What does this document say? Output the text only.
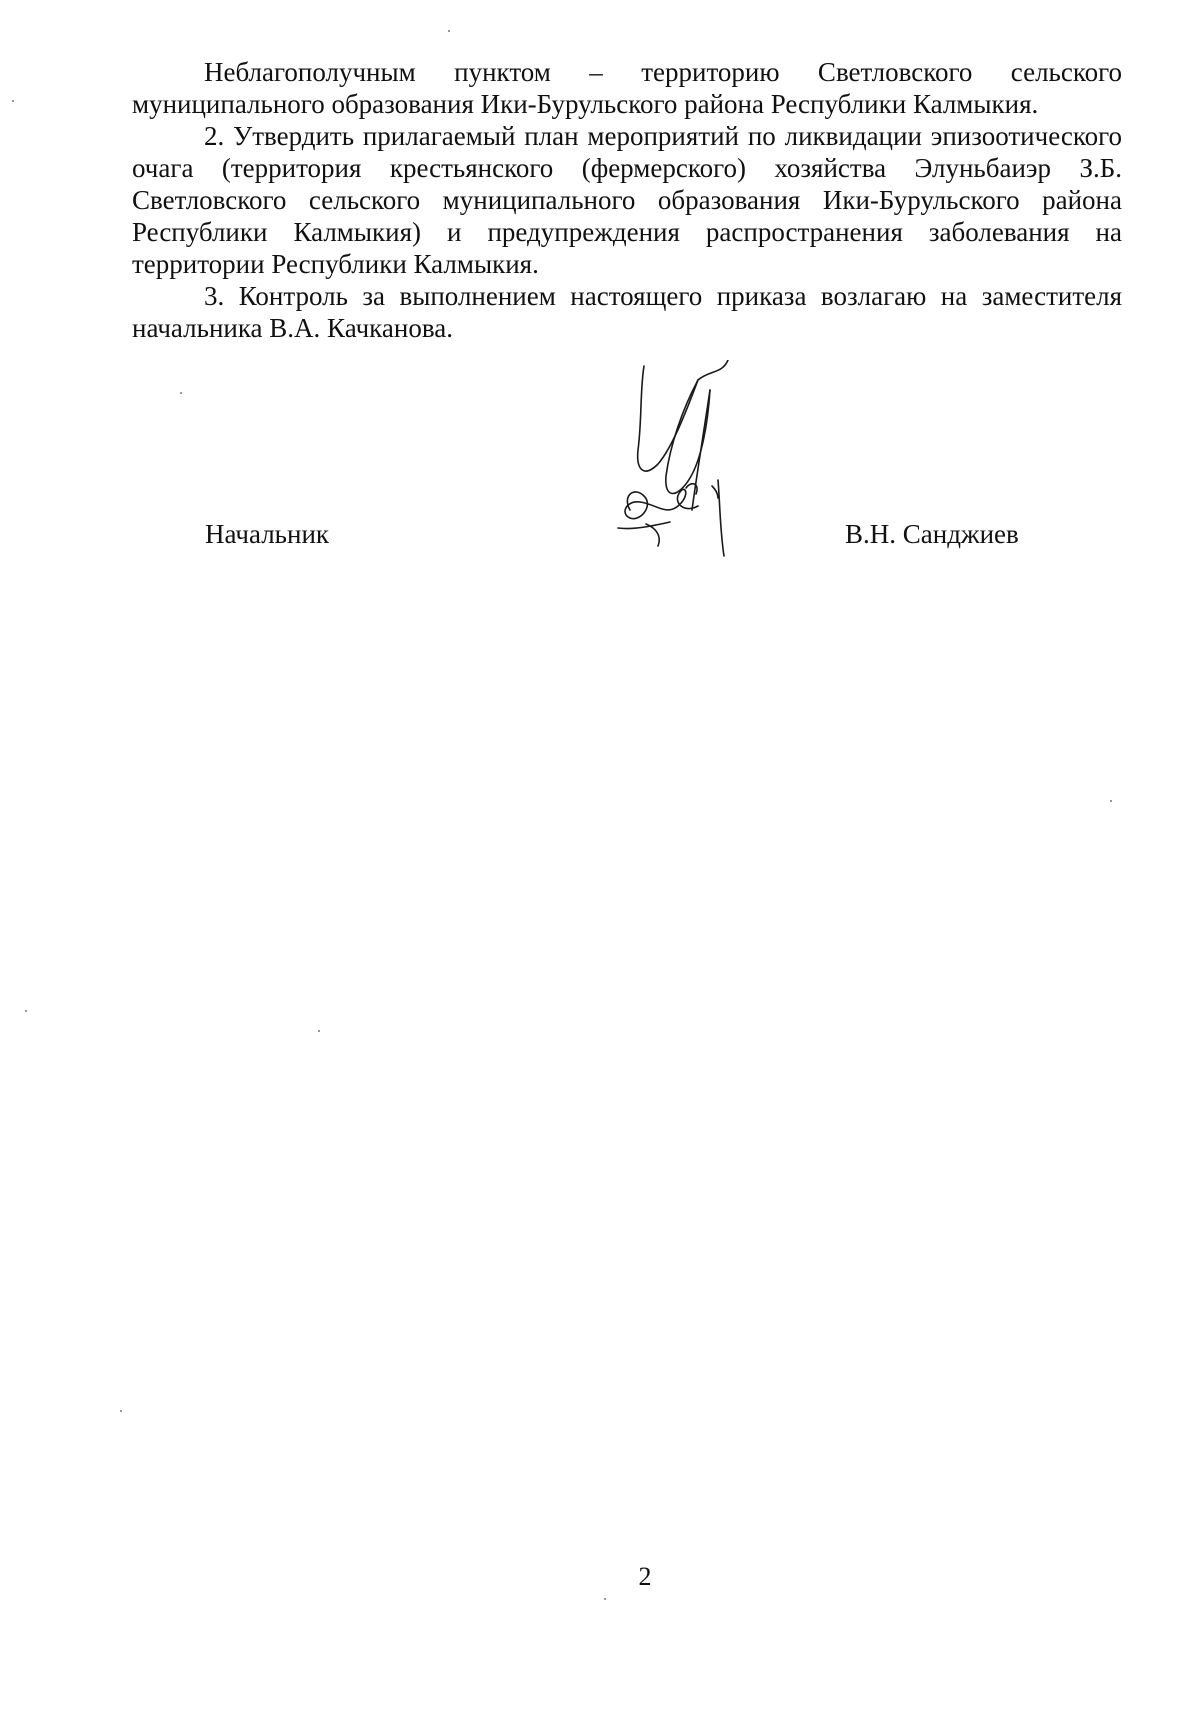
Неблагополучным пунктом – территорию Светловского сельского муниципального образования Ики-Бурульского района Республики Калмыкия.

2. Утвердить прилагаемый план мероприятий по ликвидации эпизоотического очага (территория крестьянского (фермерского) хозяйства Элуньбаиэр З.Б. Светловского сельского муниципального образования Ики-Бурульского района Республики Калмыкия) и предупреждения распространения заболевания на территории Республики Калмыкия.

3. Контроль за выполнением настоящего приказа возлагаю на заместителя начальника В.А. Качканова.

Начальник	В.Н. Санджиев
2
